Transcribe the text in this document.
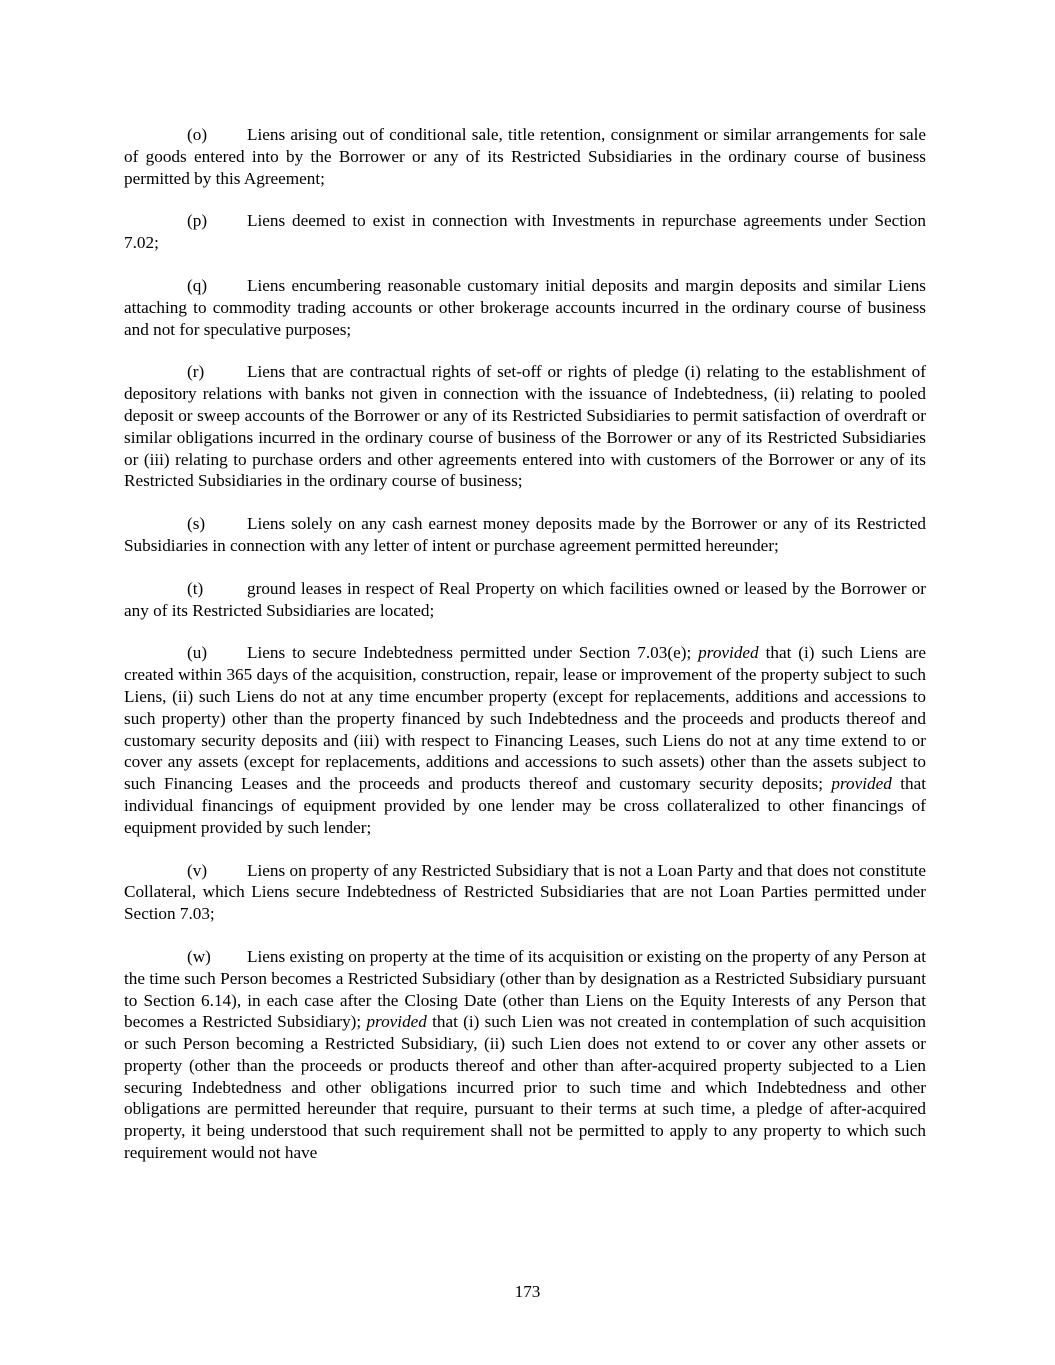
(o) Liens arising out of conditional sale, title retention, consignment or similar arrangements for sale of goods entered into by the Borrower or any of its Restricted Subsidiaries in the ordinary course of business permitted by this Agreement;

(p) Liens deemed to exist in connection with Investments in repurchase agreements under Section 7.02;

(q) Liens encumbering reasonable customary initial deposits and margin deposits and similar Liens attaching to commodity trading accounts or other brokerage accounts incurred in the ordinary course of business and not for speculative purposes;

(r) Liens that are contractual rights of set-off or rights of pledge (i) relating to the establishment of depository relations with banks not given in connection with the issuance of Indebtedness, (ii) relating to pooled deposit or sweep accounts of the Borrower or any of its Restricted Subsidiaries to permit satisfaction of overdraft or similar obligations incurred in the ordinary course of business of the Borrower or any of its Restricted Subsidiaries or (iii) relating to purchase orders and other agreements entered into with customers of the Borrower or any of its Restricted Subsidiaries in the ordinary course of business;

(s) Liens solely on any cash earnest money deposits made by the Borrower or any of its Restricted Subsidiaries in connection with any letter of intent or purchase agreement permitted hereunder;

(t)	ground leases in respect of Real Property on which facilities owned or leased by the Borrower or any of its Restricted Subsidiaries are located;

(u) Liens to secure Indebtedness permitted under Section 7.03(e); provided that (i) such Liens are created within 365 days of the acquisition, construction, repair, lease or improvement of the property subject to such Liens, (ii) such Liens do not at any time encumber property (except for replacements, additions and accessions to such property) other than the property financed by such Indebtedness and the proceeds and products thereof and customary security deposits and (iii) with respect to Financing Leases, such Liens do not at any time extend to or cover any assets (except for replacements, additions and accessions to such assets) other than the assets subject to such Financing Leases and the proceeds and products thereof and customary security deposits; provided that individual financings of equipment provided by one lender may be cross collateralized to other financings of equipment provided by such lender;

(v) Liens on property of any Restricted Subsidiary that is not a Loan Party and that does not constitute Collateral, which Liens secure Indebtedness of Restricted Subsidiaries that are not Loan Parties permitted under Section 7.03;

(w) Liens existing on property at the time of its acquisition or existing on the property of any Person at the time such Person becomes a Restricted Subsidiary (other than by designation as a Restricted Subsidiary pursuant to Section 6.14), in each case after the Closing Date (other than Liens on the Equity Interests of any Person that becomes a Restricted Subsidiary); provided that (i) such Lien was not created in contemplation of such acquisition or such Person becoming a Restricted Subsidiary, (ii) such Lien does not extend to or cover any other assets or property (other than the proceeds or products thereof and other than after-acquired property subjected to a Lien securing Indebtedness and other obligations incurred prior to such time and which Indebtedness and other obligations are permitted hereunder that require, pursuant to their terms at such time, a pledge of after-acquired property, it being understood that such requirement shall not be permitted to apply to any property to which such requirement would not have

173
